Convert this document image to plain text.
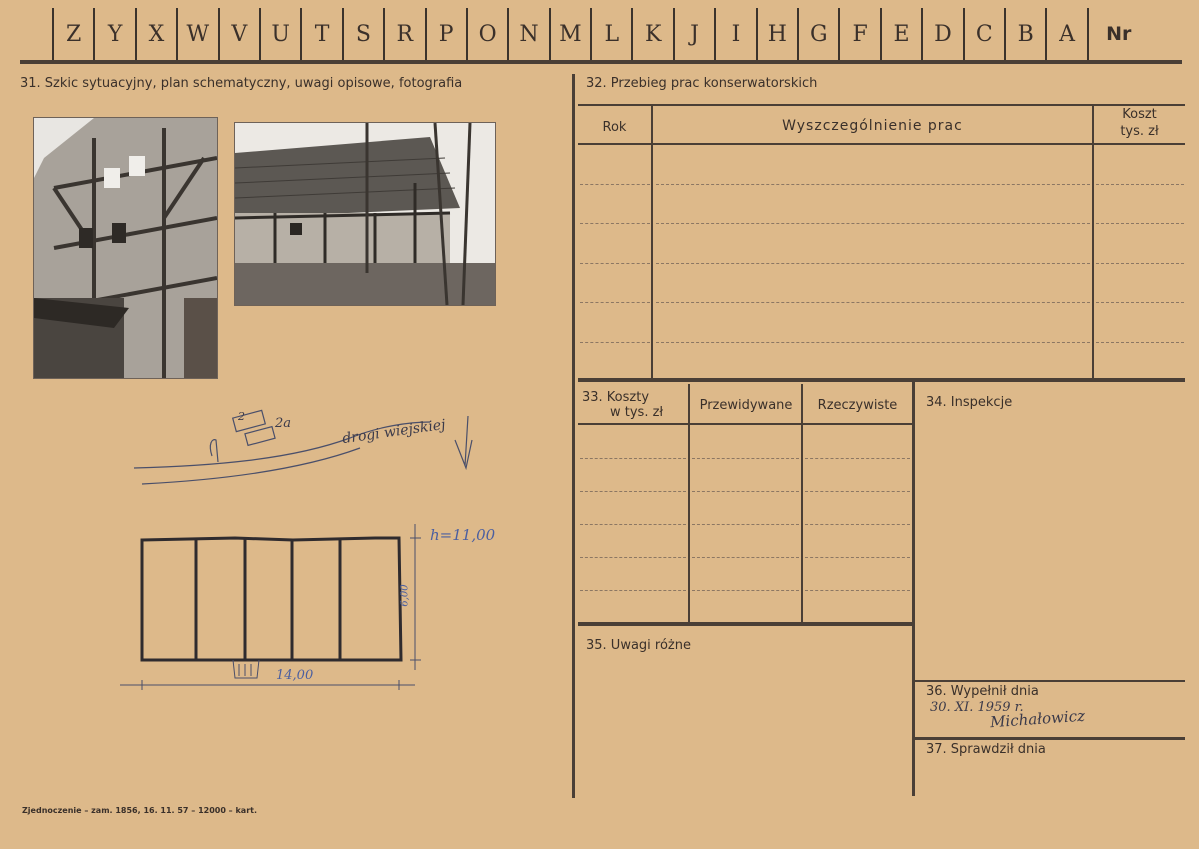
Z	Y	X	W	V	U	T	S	R	P	O	N M	L	K	J	I	H	G	F	E	D	C	B	A	Nr
31. Szkic sytuacyjny, plan schematyczny, uwagi opisowe, fotografia
2 2a	drogi wiejskiej
h=11,00
14,00
6,00
32. Przebieg prac konserwatorskich
Rok	Wyszczególnienie prac
Koszt
tys. zł
33. Koszty
w tys. zł	Przewidywane	Rzeczywiste	34. Inspekcje
35. Uwagi różne
36. Wypełnił dnia
30. XI. 1959 r.
Michałowicz
37. Sprawdził dnia
Zjednoczenie – zam. 1856, 16. 11. 57 – 12000 – kart.
